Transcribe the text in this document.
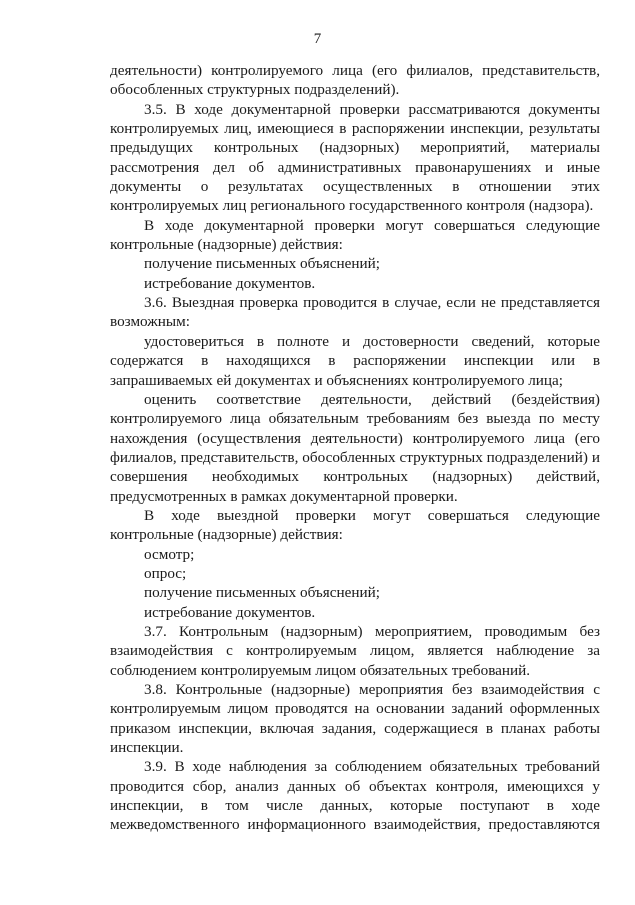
7

деятельности) контролируемого лица (его филиалов, представительств, обособленных структурных подразделений).

3.5. В ходе документарной проверки рассматриваются документы контролируемых лиц, имеющиеся в распоряжении инспекции, результаты предыдущих контрольных (надзорных) мероприятий, материалы рассмотрения дел об административных правонарушениях и иные документы о результатах осуществленных в отношении этих контролируемых лиц регионального государственного контроля (надзора).

В ходе документарной проверки могут совершаться следующие контрольные (надзорные) действия:

получение письменных объяснений;

истребование документов.

3.6. Выездная проверка проводится в случае, если не представляется возможным:

удостовериться в полноте и достоверности сведений, которые содержатся в находящихся в распоряжении инспекции или в запрашиваемых ей документах и объяснениях контролируемого лица;

оценить соответствие деятельности, действий (бездействия) контролируемого лица обязательным требованиям без выезда по месту нахождения (осуществления деятельности) контролируемого лица (его филиалов, представительств, обособленных структурных подразделений) и совершения необходимых контрольных (надзорных) действий, предусмотренных в рамках документарной проверки.

В ходе выездной проверки могут совершаться следующие контрольные (надзорные) действия:

осмотр;

опрос;

получение письменных объяснений;

истребование документов.

3.7. Контрольным (надзорным) мероприятием, проводимым без взаимодействия с контролируемым лицом, является наблюдение за соблюдением контролируемым лицом обязательных требований.

3.8. Контрольные (надзорные) мероприятия без взаимодействия с контролируемым лицом проводятся на основании заданий оформленных приказом инспекции, включая задания, содержащиеся в планах работы инспекции.

3.9. В ходе наблюдения за соблюдением обязательных требований проводится сбор, анализ данных об объектах контроля, имеющихся у инспекции, в том числе данных, которые поступают в ходе межведомственного информационного взаимодействия, предоставляются
